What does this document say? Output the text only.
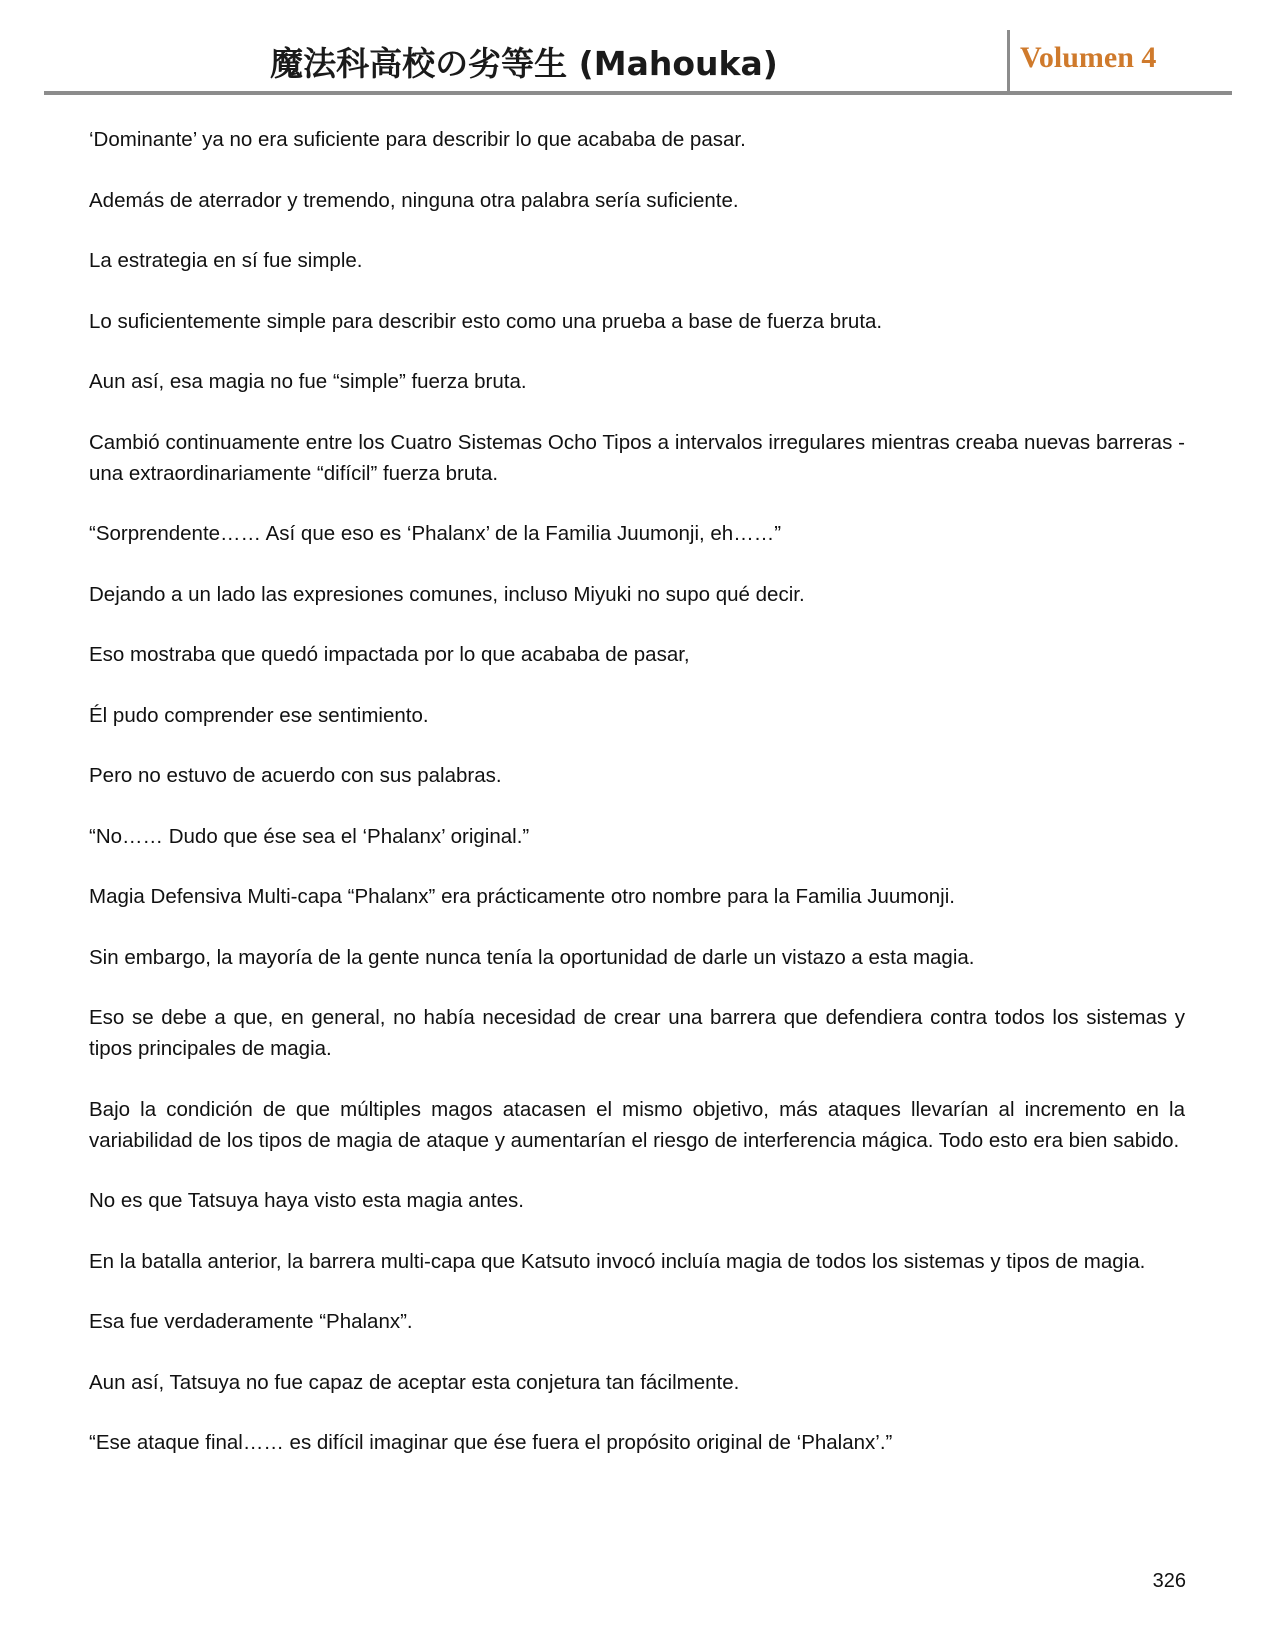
魔法科高校の劣等生 (Mahouka)	Volumen 4

‘Dominante’ ya no era suficiente para describir lo que acababa de pasar.

Además de aterrador y tremendo, ninguna otra palabra sería suficiente.

La estrategia en sí fue simple.

Lo suficientemente simple para describir esto como una prueba a base de fuerza bruta.

Aun así, esa magia no fue “simple” fuerza bruta.

Cambió continuamente entre los Cuatro Sistemas Ocho Tipos a intervalos irregulares mientras creaba nuevas barreras -una extraordinariamente “difícil” fuerza bruta.

“Sorprendente…… Así que eso es ‘Phalanx’ de la Familia Juumonji, eh……”

Dejando a un lado las expresiones comunes, incluso Miyuki no supo qué decir.

Eso mostraba que quedó impactada por lo que acababa de pasar,

Él pudo comprender ese sentimiento.

Pero no estuvo de acuerdo con sus palabras.

“No…… Dudo que ése sea el ‘Phalanx’ original.”

Magia Defensiva Multi-capa “Phalanx” era prácticamente otro nombre para la Familia Juumonji.

Sin embargo, la mayoría de la gente nunca tenía la oportunidad de darle un vistazo a esta magia.

Eso se debe a que, en general, no había necesidad de crear una barrera que defendiera contra todos los sistemas y tipos principales de magia.

Bajo la condición de que múltiples magos atacasen el mismo objetivo, más ataques llevarían al incremento en la variabilidad de los tipos de magia de ataque y aumentarían el riesgo de interferencia mágica. Todo esto era bien sabido.

No es que Tatsuya haya visto esta magia antes.

En la batalla anterior, la barrera multi-capa que Katsuto invocó incluía magia de todos los sistemas y tipos de magia.

Esa fue verdaderamente “Phalanx”.

Aun así, Tatsuya no fue capaz de aceptar esta conjetura tan fácilmente.

“Ese ataque final…… es difícil imaginar que ése fuera el propósito original de ‘Phalanx’.”

326
